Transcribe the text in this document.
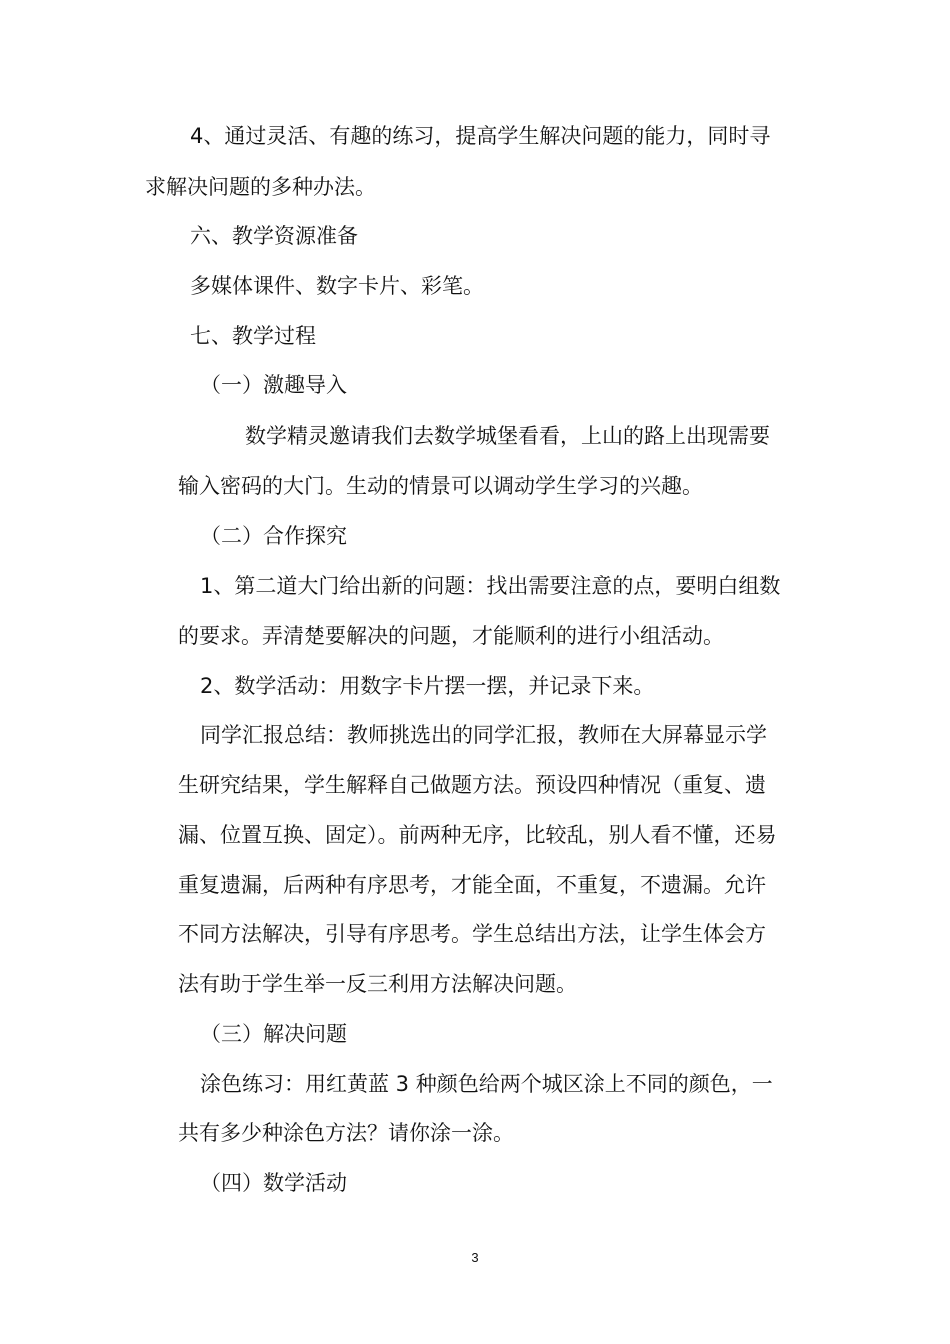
4、通过灵活、有趣的练习，提高学生解决问题的能力，同时寻

求解决问题的多种办法。

六、教学资源准备

多媒体课件、数字卡片、彩笔。

七、教学过程

（一）激趣导入

数学精灵邀请我们去数学城堡看看，上山的路上出现需要

输入密码的大门。生动的情景可以调动学生学习的兴趣。

（二）合作探究

1、第二道大门给出新的问题：找出需要注意的点，要明白组数

的要求。弄清楚要解决的问题，才能顺利的进行小组活动。

2、数学活动：用数字卡片摆一摆，并记录下来。

同学汇报总结：教师挑选出的同学汇报，教师在大屏幕显示学

生研究结果，学生解释自己做题方法。预设四种情况（重复、遗

漏、位置互换、固定）。前两种无序，比较乱，别人看不懂，还易

重复遗漏，后两种有序思考，才能全面，不重复，不遗漏。允许

不同方法解决，引导有序思考。学生总结出方法，让学生体会方

法有助于学生举一反三利用方法解决问题。

（三）解决问题

涂色练习：用红黄蓝 3 种颜色给两个城区涂上不同的颜色，一

共有多少种涂色方法？请你涂一涂。

（四）数学活动

3
